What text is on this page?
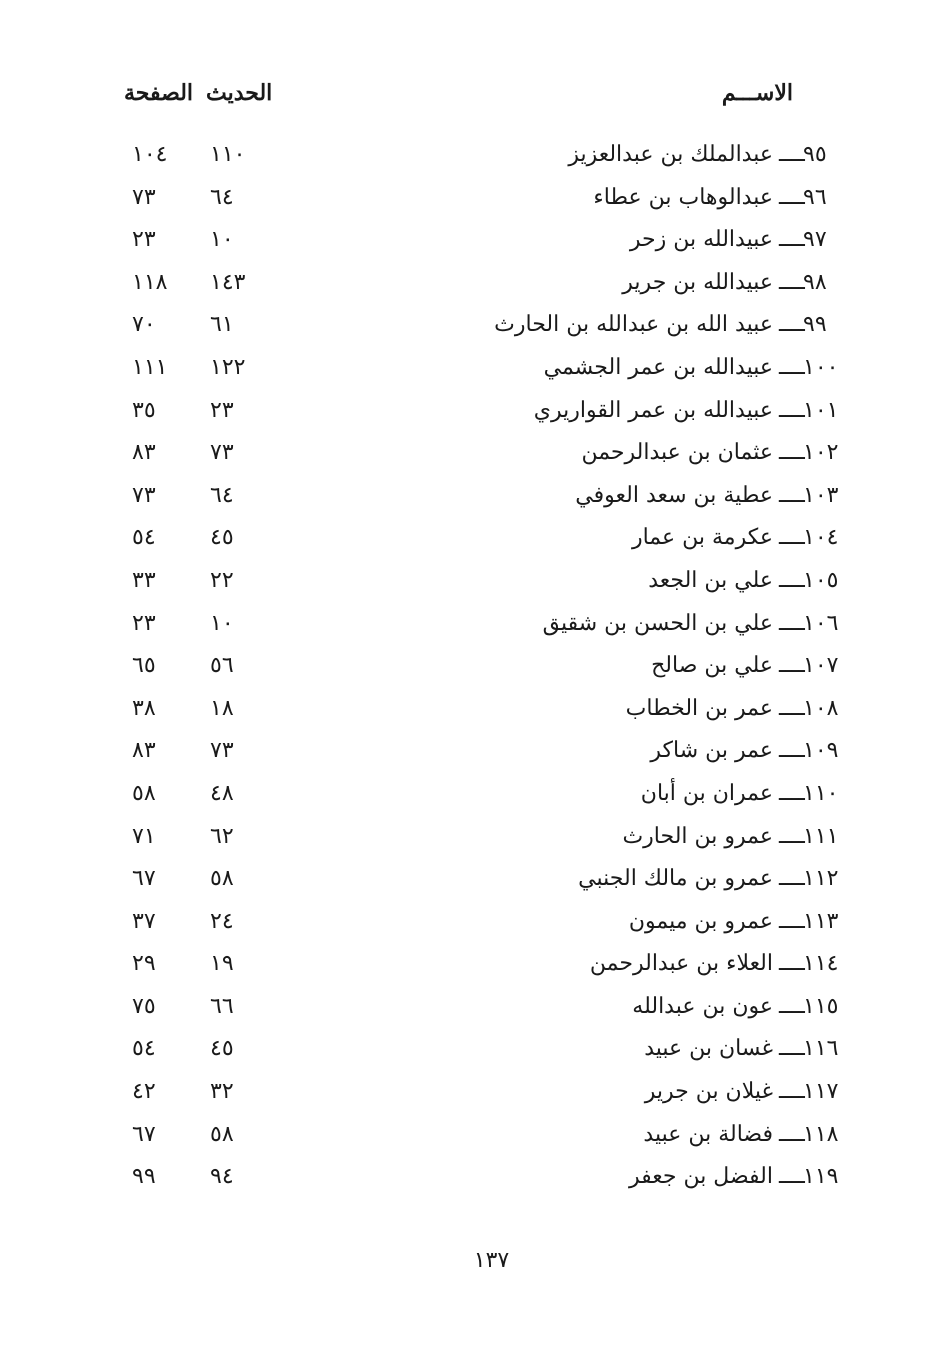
الاســـم
الحديث
الصفحة
٩٥
ــــ
عبدالملك بن عبدالعزيز
١١٠
١٠٤
٩٦
ــــ
عبدالوهاب بن عطاء
٦٤
٧٣
٩٧
ــــ
عبيدالله بن زحر
١٠
٢٣
٩٨
ــــ
عبيدالله بن جرير
١٤٣
١١٨
٩٩
ــــ
عبيد الله بن عبدالله بن الحارث
٦١
٧٠
١٠٠
ــــ
عبيدالله بن عمر الجشمي
١٢٢
١١١
١٠١
ــــ
عبيدالله بن عمر القواريري
٢٣
٣٥
١٠٢
ــــ
عثمان بن عبدالرحمن
٧٣
٨٣
١٠٣
ــــ
عطية بن سعد العوفي
٦٤
٧٣
١٠٤
ــــ
عكرمة بن عمار
٤٥
٥٤
١٠٥
ــــ
علي بن الجعد
٢٢
٣٣
١٠٦
ــــ
علي بن الحسن بن شقيق
١٠
٢٣
١٠٧
ــــ
علي بن صالح
٥٦
٦٥
١٠٨
ــــ
عمر بن الخطاب
١٨
٣٨
١٠٩
ــــ
عمر بن شاكر
٧٣
٨٣
١١٠
ــــ
عمران بن أبان
٤٨
٥٨
١١١
ــــ
عمرو بن الحارث
٦٢
٧١
١١٢
ــــ
عمرو بن مالك الجنبي
٥٨
٦٧
١١٣
ــــ
عمرو بن ميمون
٢٤
٣٧
١١٤
ــــ
العلاء بن عبدالرحمن
١٩
٢٩
١١٥
ــــ
عون بن عبدالله
٦٦
٧٥
١١٦
ــــ
غسان بن عبيد
٤٥
٥٤
١١٧
ــــ
غيلان بن جرير
٣٢
٤٢
١١٨
ــــ
فضالة بن عبيد
٥٨
٦٧
١١٩
ــــ
الفضل بن جعفر
٩٤
٩٩
١٣٧
